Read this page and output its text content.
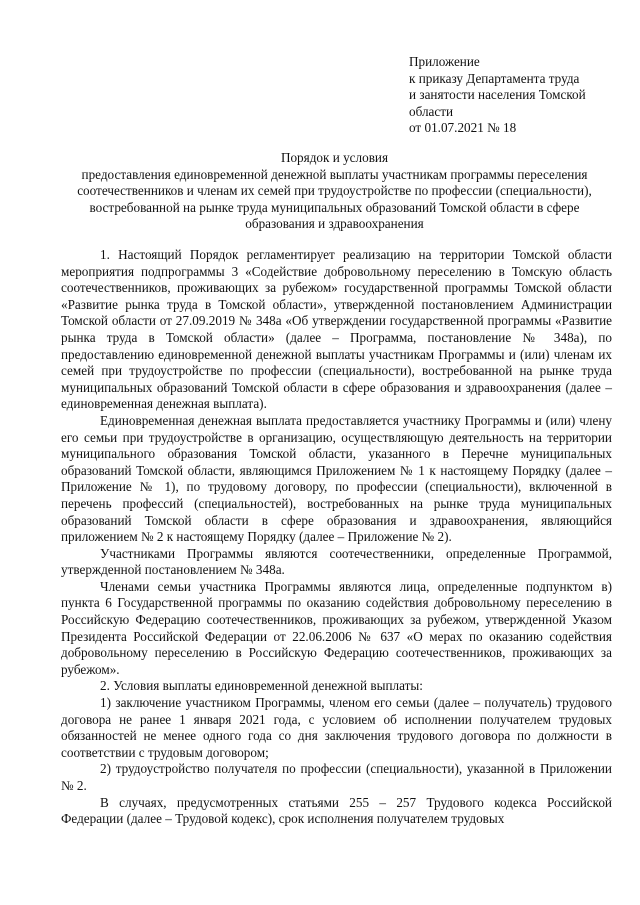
Приложение
к приказу Департамента труда
и занятости населения Томской
области
от 01.07.2021 № 18
Порядок и условия
предоставления единовременной денежной выплаты участникам программы переселения соотечественников и членам их семей при трудоустройстве по профессии (специальности), востребованной на рынке труда муниципальных образований Томской области в сфере образования и здравоохранения

1. Настоящий Порядок регламентирует реализацию на территории Томской области мероприятия подпрограммы 3 «Содействие добровольному переселению в Томскую область соотечественников, проживающих за рубежом» государственной программы Томской области «Развитие рынка труда в Томской области», утвержденной постановлением Администрации Томской области от 27.09.2019 № 348а «Об утверждении государственной программы «Развитие рынка труда в Томской области» (далее – Программа, постановление № 348а), по предоставлению единовременной денежной выплаты участникам Программы и (или) членам их семей при трудоустройстве по профессии (специальности), востребованной на рынке труда муниципальных образований Томской области в сфере образования и здравоохранения (далее – единовременная денежная выплата).

Единовременная денежная выплата предоставляется участнику Программы и (или) члену его семьи при трудоустройстве в организацию, осуществляющую деятельность на территории муниципального образования Томской области, указанного в Перечне муниципальных образований Томской области, являющимся Приложением № 1 к настоящему Порядку (далее – Приложение № 1), по трудовому договору, по профессии (специальности), включенной в перечень профессий (специальностей), востребованных на рынке труда муниципальных образований Томской области в сфере образования и здравоохранения, являющийся приложением № 2 к настоящему Порядку (далее – Приложение № 2).

Участниками Программы являются соотечественники, определенные Программой, утвержденной постановлением № 348а.

Членами семьи участника Программы являются лица, определенные подпунктом в) пункта 6 Государственной программы по оказанию содействия добровольному переселению в Российскую Федерацию соотечественников, проживающих за рубежом, утвержденной Указом Президента Российской Федерации от 22.06.2006 № 637 «О мерах по оказанию содействия добровольному переселению в Российскую Федерацию соотечественников, проживающих за рубежом».

2. Условия выплаты единовременной денежной выплаты:

1) заключение участником Программы, членом его семьи (далее – получатель) трудового договора не ранее 1 января 2021 года, с условием об исполнении получателем трудовых обязанностей не менее одного года со дня заключения трудового договора по должности в соответствии с трудовым договором;

2) трудоустройство получателя по профессии (специальности), указанной в Приложении № 2.

В случаях, предусмотренных статьями 255 – 257 Трудового кодекса Российской Федерации (далее – Трудовой кодекс), срок исполнения получателем трудовых
